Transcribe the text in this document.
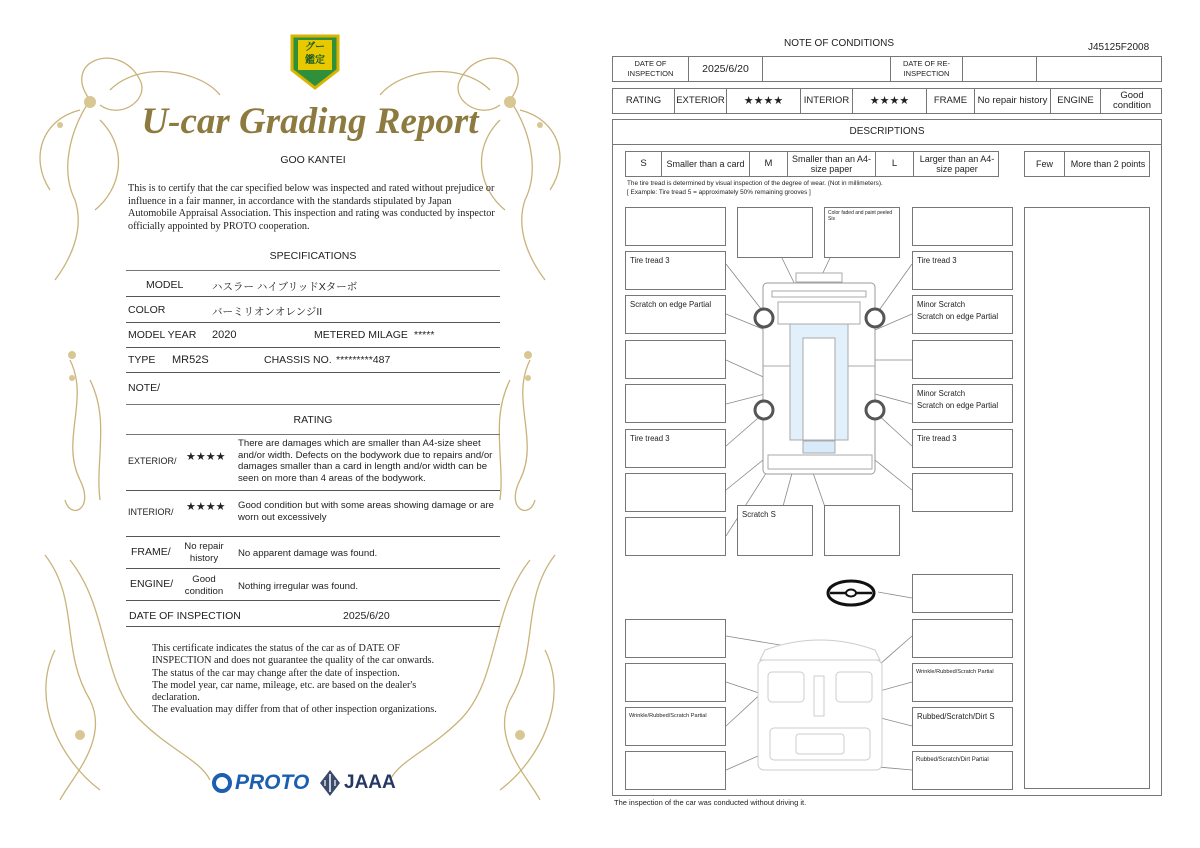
グー
鑑定
U-car Grading Report
GOO KANTEI
This is to certify that the car specified below was inspected and rated without prejudice or influence in a fair manner, in accordance with the standards stipulated by Japan Automobile Appraisal Association. This inspection and rating was conducted by inspector officially appointed by PROTO cooperation.
SPECIFICATIONS
MODEL	ハスラー ハイブリッドXターボ
COLOR	バーミリオンオレンジII
MODEL YEAR 2020	METERED MILAGE *****
TYPE MR52S	CHASSIS NO. *********487
NOTE/
RATING
EXTERIOR/ ★★★★
There are damages which are smaller than A4-size sheet and/or width. Defects on the bodywork due to repairs and/or damages smaller than a card in length and/or width can be seen on more than 4 areas of the bodywork.
INTERIOR/ ★★★★ Good condition but with some areas showing damage or are worn out excessively
FRAME/	No repair history	No apparent damage was found.
ENGINE/	Good condition	Nothing irregular was found.
DATE OF INSPECTION	2025/6/20
This certificate indicates the status of the car as of DATE OF
INSPECTION and does not guarantee the quality of the car onwards.
The status of the car may change after the date of inspection.
The model year, car name, mileage, etc. are based on the dealer's
declaration.
The evaluation may differ from that of other inspection organizations.
PROTO JAAA
NOTE OF CONDITIONS	J45125F2008
DATE OF INSPECTION	2025/6/20	DATE OF RE-INSPECTION
RATING	EXTERIOR	★★★★	INTERIOR	★★★★	FRAME	No repair history	ENGINE	Good condition
DESCRIPTIONS
S	Smaller than a card	M	Smaller than an A4-size paper	L	Larger than an A4-size paper	Few	More than 2 points
The tire tread is determined by visual inspection of the degree of wear. (Not in millimeters).
[ Example: Tire tread 5 = approximately 50% remaining grooves ]
Color faded and paint peeled Sis
Tire tread 3	Tire tread 3
Scratch on edge Partial	Minor Scratch
Scratch on edge Partial
Minor Scratch
Scratch on edge Partial
Tire tread 3	Tire tread 3
Scratch S
Wrinkle/Rubbed/Scratch Partial
Wrinkle/Rubbed/Scratch Partial	Rubbed/Scratch/Dirt S
Rubbed/Scratch/Dirt Partial
The inspection of the car was conducted without driving it.
